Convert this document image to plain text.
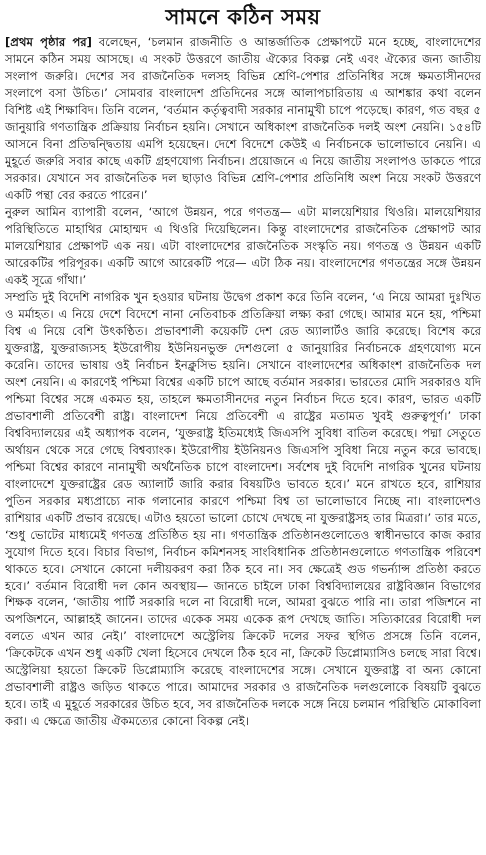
সামনে কঠিন সময়

[প্রথম পৃষ্ঠার পর] বলেছেন, ‘চলমান রাজনীতি ও আন্তর্জাতিক প্রেক্ষাপটে মনে হচ্ছে, বাংলাদেশের সামনে কঠিন সময় আসছে। এ সংকট উত্তরণে জাতীয় ঐক্যের বিকল্প নেই এবং ঐক্যের জন্য জাতীয় সংলাপ জরুরি। দেশের সব রাজনৈতিক দলসহ বিভিন্ন শ্রেণি-পেশার প্রতিনিধির সঙ্গে ক্ষমতাসীনদের সংলাপে বসা উচিত।’ সোমবার বাংলাদেশ প্রতিদিনের সঙ্গে আলাপচারিতায় এ আশঙ্কার কথা বলেন বিশিষ্ট এই শিক্ষাবিদ। তিনি বলেন, ‘বর্তমান কর্তৃত্ববাদী সরকার নানামুখী চাপে পড়েছে। কারণ, গত বছর ৫ জানুয়ারি গণতান্ত্রিক প্রক্রিয়ায় নির্বাচন হয়নি। সেখানে অধিকাংশ রাজনৈতিক দলই অংশ নেয়নি। ১৫৪টি আসনে বিনা প্রতিদ্বন্দ্বিতায় এমপি হয়েছেন। দেশে বিদেশে কেউই এ নির্বাচনকে ভালোভাবে নেয়নি। এ মুহূর্তে জরুরি সবার কাছে একটি গ্রহণযোগ্য নির্বাচন। প্রয়োজনে এ নিয়ে জাতীয় সংলাপও ডাকতে পারে সরকার। যেখানে সব রাজনৈতিক দল ছাড়াও বিভিন্ন শ্রেণি-পেশার প্রতিনিধি অংশ নিয়ে সংকট উত্তরণে একটি পন্থা বের করতে পারেন।’

নুরুল আমিন ব্যাপারী বলেন, ‘আগে উন্নয়ন, পরে গণতন্ত্র— এটা মালয়েশিয়ার থিওরি। মালয়েশিয়ার পরিস্থিতিতে মাহাথির মোহাম্মদ এ থিওরি দিয়েছিলেন। কিন্তু বাংলাদেশের রাজনৈতিক প্রেক্ষাপট আর মালয়েশিয়ার প্রেক্ষাপট এক নয়। এটা বাংলাদেশের রাজনৈতিক সংস্কৃতি নয়। গণতন্ত্র ও উন্নয়ন একটি আরেকটির পরিপূরক। একটি আগে আরেকটি পরে— এটা ঠিক নয়। বাংলাদেশের গণতন্ত্রের সঙ্গে উন্নয়ন একই সূত্রে গাঁথা।’

সম্প্রতি দুই বিদেশি নাগরিক খুন হওয়ার ঘটনায় উদ্বেগ প্রকাশ করে তিনি বলেন, ‘এ নিয়ে আমরা দুঃখিত ও মর্মাহত। এ নিয়ে দেশে বিদেশে নানা নেতিবাচক প্রতিক্রিয়া লক্ষ্য করা গেছে। আমার মনে হয়, পশ্চিমা বিশ্ব এ নিয়ে বেশি উৎকণ্ঠিত। প্রভাবশালী কয়েকটি দেশ রেড অ্যালার্টও জারি করেছে। বিশেষ করে যুক্তরাষ্ট্র, যুক্তরাজ্যসহ ইউরোপীয় ইউনিয়নভুক্ত দেশগুলো ৫ জানুয়ারির নির্বাচনকে গ্রহণযোগ্য মনে করেনি। তাদের ভাষায় ওই নির্বাচন ইনক্লুসিভ হয়নি। সেখানে বাংলাদেশের অধিকাংশ রাজনৈতিক দল অংশ নেয়নি। এ কারণেই পশ্চিমা বিশ্বের একটি চাপে আছে বর্তমান সরকার। ভারতের মোদি সরকারও যদি পশ্চিমা বিশ্বের সঙ্গে একমত হয়, তাহলে ক্ষমতাসীনদের নতুন নির্বাচন দিতে হবে। কারণ, ভারত একটি প্রভাবশালী প্রতিবেশী রাষ্ট্র। বাংলাদেশ নিয়ে প্রতিবেশী এ রাষ্ট্রের মতামত খুবই গুরুত্বপূর্ণ।’ ঢাকা বিশ্ববিদ্যালয়ের এই অধ্যাপক বলেন, ‘যুক্তরাষ্ট্র ইতিমধ্যেই জিএসপি সুবিধা বাতিল করেছে। পদ্মা সেতুতে অর্থায়ন থেকে সরে গেছে বিশ্বব্যাংক। ইউরোপীয় ইউনিয়নও জিএসপি সুবিধা নিয়ে নতুন করে ভাবছে। পশ্চিমা বিশ্বের কারণে নানামুখী অর্থনৈতিক চাপে বাংলাদেশ। সর্বশেষ দুই বিদেশি নাগরিক খুনের ঘটনায় বাংলাদেশে যুক্তরাষ্ট্রের রেড অ্যালার্ট জারি করার বিষয়টিও ভাবতে হবে।’ মনে রাখতে হবে, রাশিয়ার পুতিন সরকার মধ্যপ্রাচ্যে নাক গলানোর কারণে পশ্চিমা বিশ্ব তা ভালোভাবে নিচ্ছে না। বাংলাদেশও রাশিয়ার একটি প্রভাব রয়েছে। এটাও হয়তো ভালো চোখে দেখছে না যুক্তরাষ্ট্রসহ তার মিত্ররা।’ তার মতে, ‘শুধু ভোটের মাধ্যমেই গণতন্ত্র প্রতিষ্ঠিত হয় না। গণতান্ত্রিক প্রতিষ্ঠানগুলোতেও স্বাধীনভাবে কাজ করার সুযোগ দিতে হবে। বিচার বিভাগ, নির্বাচন কমিশনসহ সাংবিধানিক প্রতিষ্ঠানগুলোতে গণতান্ত্রিক পরিবেশ থাকতে হবে। সেখানে কোনো দলীয়করণ করা ঠিক হবে না। সব ক্ষেত্রেই গুড গভর্ন্যান্স প্রতিষ্ঠা করতে হবে।’ বর্তমান বিরোধী দল কোন অবস্থায়— জানতে চাইলে ঢাকা বিশ্ববিদ্যালয়ের রাষ্ট্রবিজ্ঞান বিভাগের শিক্ষক বলেন, ‘জাতীয় পার্টি সরকারি দলে না বিরোধী দলে, আমরা বুঝতে পারি না। তারা পজিশনে না অপজিশনে, আল্লাহই জানেন। তাদের একেক সময় একেক রূপ দেখছে জাতি। সত্যিকারের বিরোধী দল বলতে এখন আর নেই।’ বাংলাদেশে অস্ট্রেলিয় ক্রিকেট দলের সফর স্থগিত প্রসঙ্গে তিনি বলেন, ‘ক্রিকেটকে এখন শুধু একটি খেলা হিসেবে দেখলে ঠিক হবে না, ক্রিকেট ডিপ্লোম্যাসিও চলছে সারা বিশ্বে। অস্ট্রেলিয়া হয়তো ক্রিকেট ডিপ্লোম্যাসি করেছে বাংলাদেশের সঙ্গে। সেখানে যুক্তরাষ্ট্র বা অন্য কোনো প্রভাবশালী রাষ্ট্রও জড়িত থাকতে পারে। আমাদের সরকার ও রাজনৈতিক দলগুলোকে বিষয়টি বুঝতে হবে। তাই এ মুহূর্তে সরকারের উচিত হবে, সব রাজনৈতিক দলকে সঙ্গে নিয়ে চলমান পরিস্থিতি মোকাবিলা করা। এ ক্ষেত্রে জাতীয় ঐকমত্যের কোনো বিকল্প নেই।
